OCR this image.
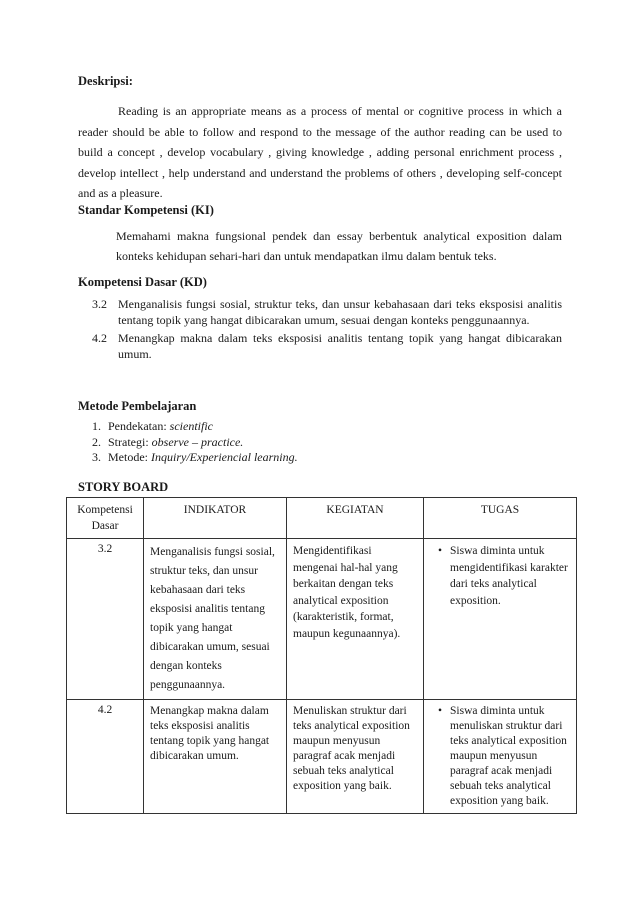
Deskripsi:
Reading is an appropriate means as a process of mental or cognitive process in which a reader should be able to follow and respond to the message of the author reading can be used to build a concept , develop vocabulary , giving knowledge , adding personal enrichment process , develop intellect , help understand and understand the problems of others , developing self-concept and as a pleasure.
Standar Kompetensi (KI)
Memahami makna fungsional pendek dan essay berbentuk analytical exposition dalam konteks kehidupan sehari-hari dan untuk mendapatkan ilmu dalam bentuk teks.
Kompetensi Dasar (KD)
3.2 Menganalisis fungsi sosial, struktur teks, dan unsur kebahasaan dari teks eksposisi analitis tentang topik yang hangat dibicarakan umum, sesuai dengan konteks penggunaannya.
4.2 Menangkap makna dalam teks eksposisi analitis tentang topik yang hangat dibicarakan umum.
Metode Pembelajaran
1. Pendekatan: scientific
2. Strategi: observe – practice.
3. Metode: Inquiry/Experiencial learning.
STORY BOARD
Kompetensi Dasar	INDIKATOR	KEGIATAN	TUGAS
3.2	Menganalisis fungsi sosial, struktur teks, dan unsur kebahasaan dari teks eksposisi analitis tentang topik yang hangat dibicarakan umum, sesuai dengan konteks penggunaannya.	Mengidentifikasi mengenai hal-hal yang berkaitan dengan teks analytical exposition (karakteristik, format, maupun kegunaannya).	• Siswa diminta untuk mengidentifikasi karakter dari teks analytical exposition.

4.2	Menangkap makna dalam teks eksposisi analitis tentang topik yang hangat dibicarakan umum.	Menuliskan struktur dari teks analytical exposition maupun menyusun paragraf acak menjadi sebuah teks analytical exposition yang baik.	• Siswa diminta untuk menuliskan struktur dari teks analytical exposition maupun menyusun paragraf acak menjadi sebuah teks analytical exposition yang baik.
